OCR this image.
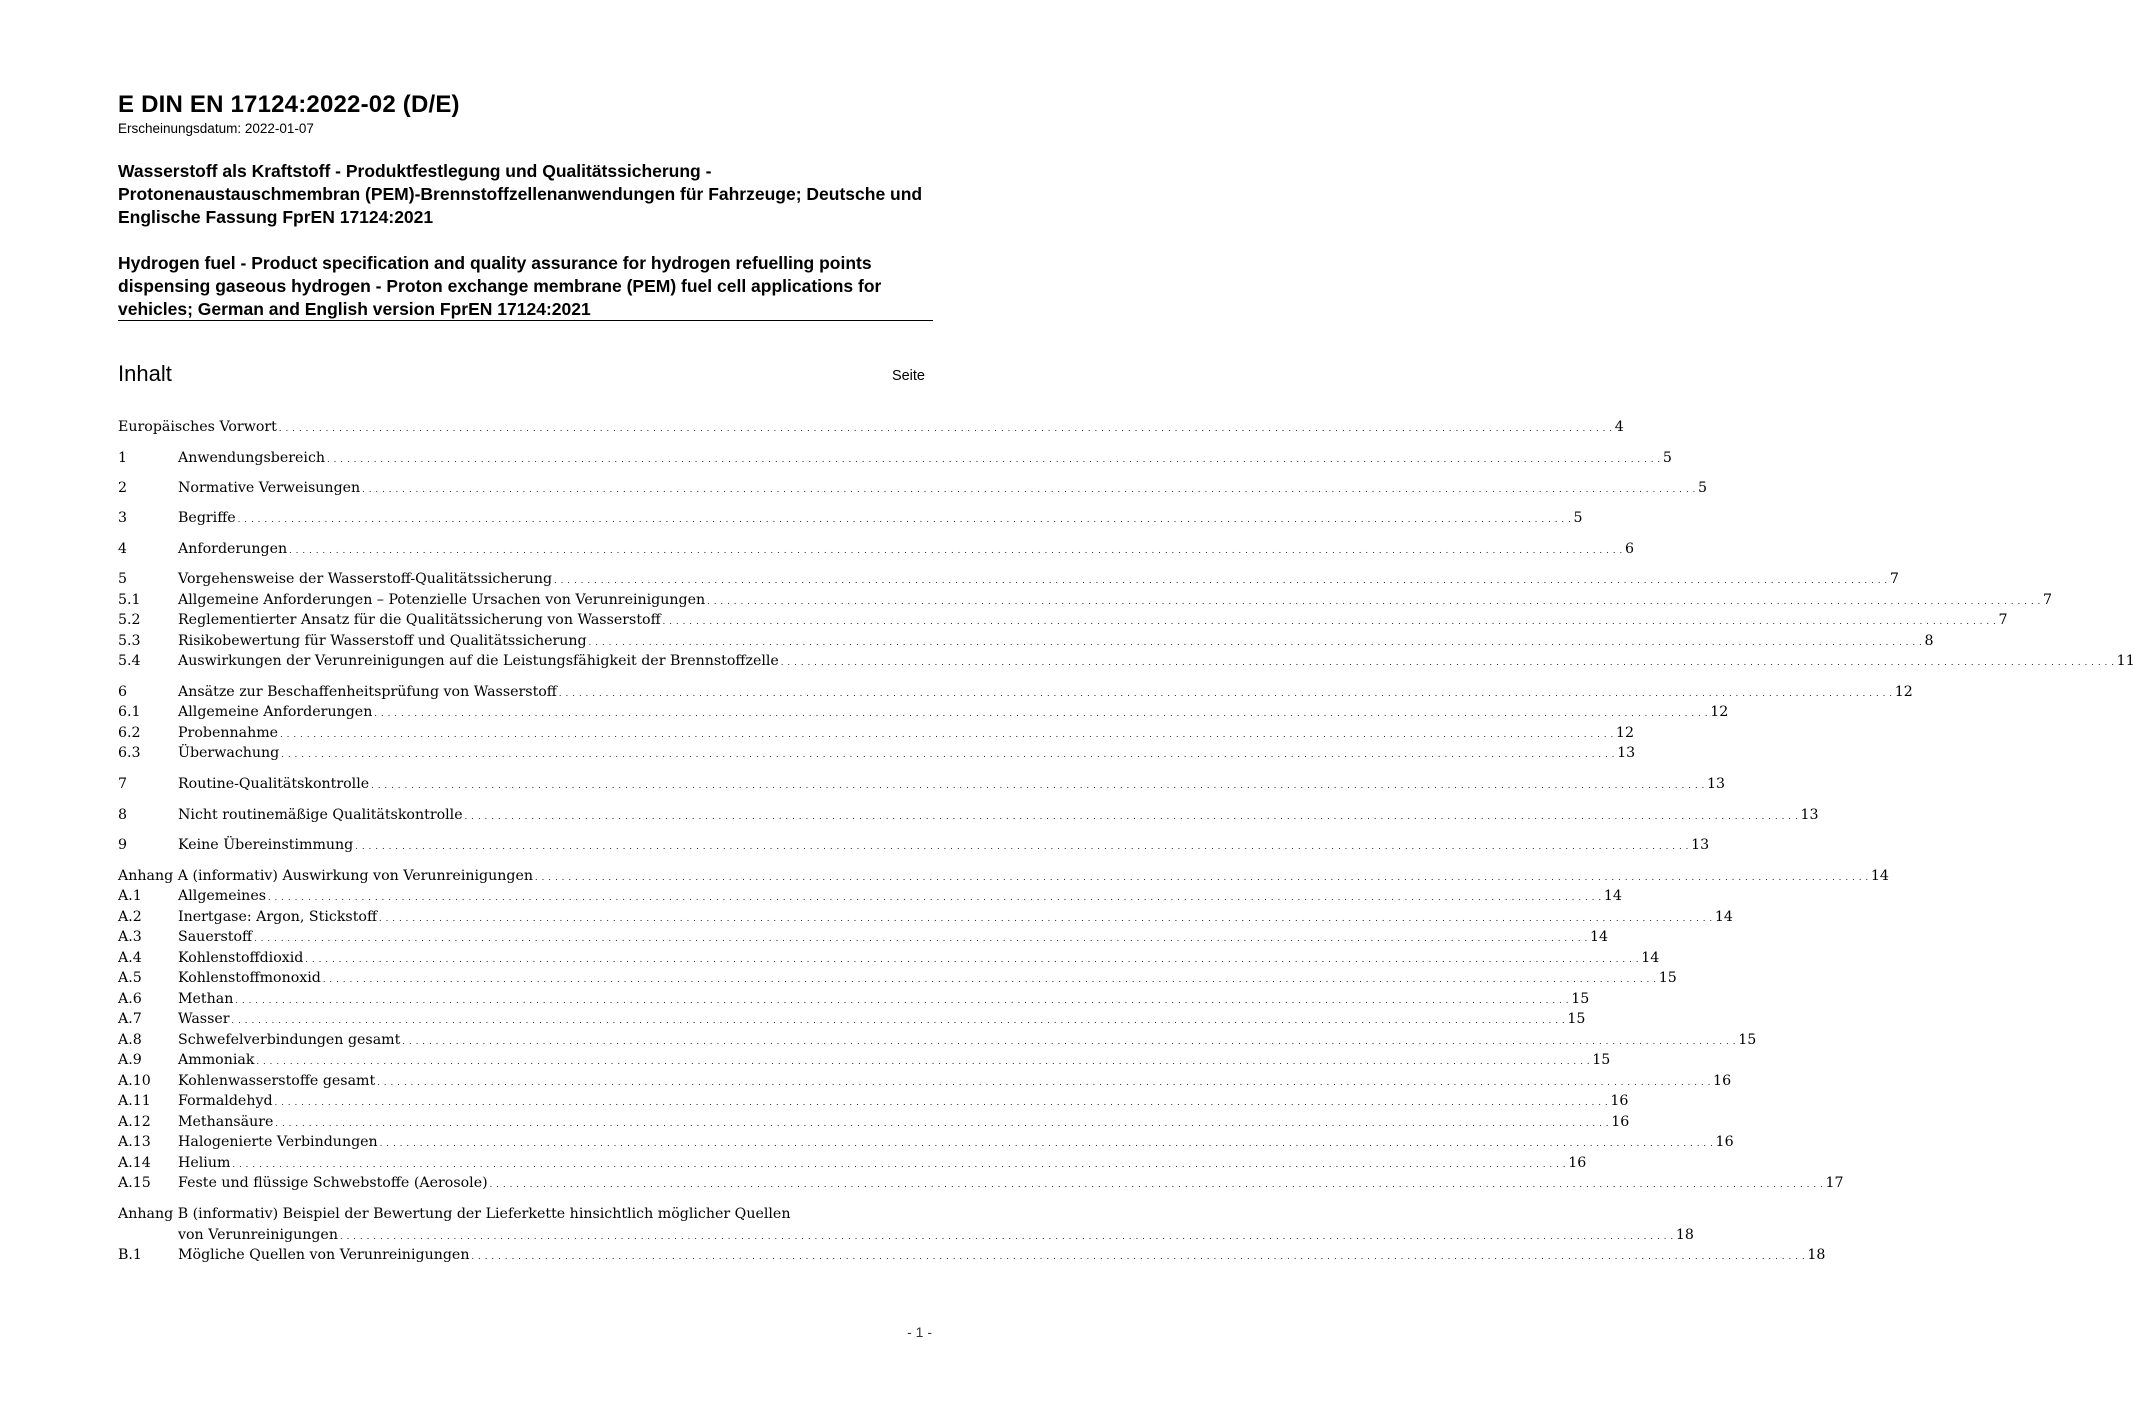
E DIN EN 17124:2022-02 (D/E)
Erscheinungsdatum: 2022-01-07
Wasserstoff als Kraftstoff - Produktfestlegung und Qualitätssicherung - Protonenaustauschmembran (PEM)-Brennstoffzellenanwendungen für Fahrzeuge; Deutsche und Englische Fassung FprEN 17124:2021
Hydrogen fuel - Product specification and quality assurance for hydrogen refuelling points dispensing gaseous hydrogen - Proton exchange membrane (PEM) fuel cell applications for vehicles; German and English version FprEN 17124:2021
Inhalt	Seite
Europäisches Vorwort . . . . . . . . . . . . . . . . . . . . . . . . . . . . . . . . . . . . . . . . . . . . . . . . . . . . . . . . . . . . . . . . . . . . . . . . . . . . . . . . . . . . . . . . . . . . . . . . . . . . . . . . . . . . . . . . . . . . . . . . . . . . . . . . . . . . . . . . . . . . . . . . . . . . . . . . . . . . . . . . . . . . . . . . . . . . . . . . . . . . . . . . . . . . . . . . . . . . . . . . 4
1	Anwendungsbereich . . . . . . . . . . . . . . . . . . . . . . . . . . . . . . . . . . . . . . . . . . . . . . . . . . . . . . . . . . . . . . . . . . . . . . . . . . . . . . . . . . . . . . . . . . . . . . . . . . . . . . . . . . . . . . . . . . . . . . . . . . . . . . . . . . . . . . . . . . . . . . . . . . . . . . . . . . . . . . . . . . . . . . . . . . . . . . . . . . . . . . . . . . . . . . . . . . . . . . . . 5
2	Normative Verweisungen . . . . . . . . . . . . . . . . . . . . . . . . . . . . . . . . . . . . . . . . . . . . . . . . . . . . . . . . . . . . . . . . . . . . . . . . . . . . . . . . . . . . . . . . . . . . . . . . . . . . . . . . . . . . . . . . . . . . . . . . . . . . . . . . . . . . . . . . . . . . . . . . . . . . . . . . . . . . . . . . . . . . . . . . . . . . . . . . . . . . . . . . . . . . . . . . . . . . . . . . 5
3	Begriffe . . . . . . . . . . . . . . . . . . . . . . . . . . . . . . . . . . . . . . . . . . . . . . . . . . . . . . . . . . . . . . . . . . . . . . . . . . . . . . . . . . . . . . . . . . . . . . . . . . . . . . . . . . . . . . . . . . . . . . . . . . . . . . . . . . . . . . . . . . . . . . . . . . . . . . . . . . . . . . . . . . . . . . . . . . . . . . . . . . . . . . . . . . . . . . . . . . . . . . . . 5
4	Anforderungen . . . . . . . . . . . . . . . . . . . . . . . . . . . . . . . . . . . . . . . . . . . . . . . . . . . . . . . . . . . . . . . . . . . . . . . . . . . . . . . . . . . . . . . . . . . . . . . . . . . . . . . . . . . . . . . . . . . . . . . . . . . . . . . . . . . . . . . . . . . . . . . . . . . . . . . . . . . . . . . . . . . . . . . . . . . . . . . . . . . . . . . . . . . . . . . . . . . . . . . . 6
5	Vorgehensweise der Wasserstoff-Qualitätssicherung . . . . . . . . . . . . . . . . . . . . . . . . . . . . . . . . . . . . . . . . . . . . . . . . . . . . . . . . . . . . . . . . . . . . . . . . . . . . . . . . . . . . . . . . . . . . . . . . . . . . . . . . . . . . . . . . . . . . . . . . . . . . . . . . . . . . . . . . . . . . . . . . . . . . . . . . . . . . . . . . . . . . . . . . . . . . . . . . . . . . . . . . . . . . . . . . . . . . . . . . 7
5.1	Allgemeine Anforderungen – Potenzielle Ursachen von Verunreinigungen . . . . . . . . . . . . . . . . . . . . . . . . . . . . . . . . . . . . . . . . . . . . . . . . . . . . . . . . . . . . . . . . . . . . . . . . . . . . . . . . . . . . . . . . . . . . . . . . . . . . . . . . . . . . . . . . . . . . . . . . . . . . . . . . . . . . . . . . . . . . . . . . . . . . . . . . . . . . . . . . . . . . . . . . . . . . . . . . . . . . . . . . . . . . . . . . . . . . . . . . 7
5.2	Reglementierter Ansatz für die Qualitätssicherung von Wasserstoff . . . . . . . . . . . . . . . . . . . . . . . . . . . . . . . . . . . . . . . . . . . . . . . . . . . . . . . . . . . . . . . . . . . . . . . . . . . . . . . . . . . . . . . . . . . . . . . . . . . . . . . . . . . . . . . . . . . . . . . . . . . . . . . . . . . . . . . . . . . . . . . . . . . . . . . . . . . . . . . . . . . . . . . . . . . . . . . . . . . . . . . . . . . . . . . . . . . . . . . . 7
5.3	Risikobewertung für Wasserstoff und Qualitätssicherung . . . . . . . . . . . . . . . . . . . . . . . . . . . . . . . . . . . . . . . . . . . . . . . . . . . . . . . . . . . . . . . . . . . . . . . . . . . . . . . . . . . . . . . . . . . . . . . . . . . . . . . . . . . . . . . . . . . . . . . . . . . . . . . . . . . . . . . . . . . . . . . . . . . . . . . . . . . . . . . . . . . . . . . . . . . . . . . . . . . . . . . . . . . . . . . . . . . . . . . . 8
5.4	Auswirkungen der Verunreinigungen auf die Leistungsfähigkeit der Brennstoffzelle . . . . . . . . . . . . . . . . . . . . . . . . . . . . . . . . . . . . . . . . . . . . . . . . . . . . . . . . . . . . . . . . . . . . . . . . . . . . . . . . . . . . . . . . . . . . . . . . . . . . . . . . . . . . . . . . . . . . . . . . . . . . . . . . . . . . . . . . . . . . . . . . . . . . . . . . . . . . . . . . . . . . . . . . . . . . . . . . . . . . . . . . . . . . . . . . . . . . . . . . 11
6	Ansätze zur Beschaffenheitsprüfung von Wasserstoff . . . . . . . . . . . . . . . . . . . . . . . . . . . . . . . . . . . . . . . . . . . . . . . . . . . . . . . . . . . . . . . . . . . . . . . . . . . . . . . . . . . . . . . . . . . . . . . . . . . . . . . . . . . . . . . . . . . . . . . . . . . . . . . . . . . . . . . . . . . . . . . . . . . . . . . . . . . . . . . . . . . . . . . . . . . . . . . . . . . . . . . . . . . . . . . . . . . . . . . . 12
6.1	Allgemeine Anforderungen . . . . . . . . . . . . . . . . . . . . . . . . . . . . . . . . . . . . . . . . . . . . . . . . . . . . . . . . . . . . . . . . . . . . . . . . . . . . . . . . . . . . . . . . . . . . . . . . . . . . . . . . . . . . . . . . . . . . . . . . . . . . . . . . . . . . . . . . . . . . . . . . . . . . . . . . . . . . . . . . . . . . . . . . . . . . . . . . . . . . . . . . . . . . . . . . . . . . . . . . 12
6.2	Probennahme . . . . . . . . . . . . . . . . . . . . . . . . . . . . . . . . . . . . . . . . . . . . . . . . . . . . . . . . . . . . . . . . . . . . . . . . . . . . . . . . . . . . . . . . . . . . . . . . . . . . . . . . . . . . . . . . . . . . . . . . . . . . . . . . . . . . . . . . . . . . . . . . . . . . . . . . . . . . . . . . . . . . . . . . . . . . . . . . . . . . . . . . . . . . . . . . . . . . . . . . 12
6.3	Überwachung . . . . . . . . . . . . . . . . . . . . . . . . . . . . . . . . . . . . . . . . . . . . . . . . . . . . . . . . . . . . . . . . . . . . . . . . . . . . . . . . . . . . . . . . . . . . . . . . . . . . . . . . . . . . . . . . . . . . . . . . . . . . . . . . . . . . . . . . . . . . . . . . . . . . . . . . . . . . . . . . . . . . . . . . . . . . . . . . . . . . . . . . . . . . . . . . . . . . . . . . 13
7	Routine-Qualitätskontrolle . . . . . . . . . . . . . . . . . . . . . . . . . . . . . . . . . . . . . . . . . . . . . . . . . . . . . . . . . . . . . . . . . . . . . . . . . . . . . . . . . . . . . . . . . . . . . . . . . . . . . . . . . . . . . . . . . . . . . . . . . . . . . . . . . . . . . . . . . . . . . . . . . . . . . . . . . . . . . . . . . . . . . . . . . . . . . . . . . . . . . . . . . . . . . . . . . . . . . . . . 13
8	Nicht routinemäßige Qualitätskontrolle . . . . . . . . . . . . . . . . . . . . . . . . . . . . . . . . . . . . . . . . . . . . . . . . . . . . . . . . . . . . . . . . . . . . . . . . . . . . . . . . . . . . . . . . . . . . . . . . . . . . . . . . . . . . . . . . . . . . . . . . . . . . . . . . . . . . . . . . . . . . . . . . . . . . . . . . . . . . . . . . . . . . . . . . . . . . . . . . . . . . . . . . . . . . . . . . . . . . . . . . 13
9	Keine Übereinstimmung . . . . . . . . . . . . . . . . . . . . . . . . . . . . . . . . . . . . . . . . . . . . . . . . . . . . . . . . . . . . . . . . . . . . . . . . . . . . . . . . . . . . . . . . . . . . . . . . . . . . . . . . . . . . . . . . . . . . . . . . . . . . . . . . . . . . . . . . . . . . . . . . . . . . . . . . . . . . . . . . . . . . . . . . . . . . . . . . . . . . . . . . . . . . . . . . . . . . . . . . 13
Anhang A (informativ) Auswirkung von Verunreinigungen . . . . . . . . . . . . . . . . . . . . . . . . . . . . . . . . . . . . . . . . . . . . . . . . . . . . . . . . . . . . . . . . . . . . . . . . . . . . . . . . . . . . . . . . . . . . . . . . . . . . . . . . . . . . . . . . . . . . . . . . . . . . . . . . . . . . . . . . . . . . . . . . . . . . . . . . . . . . . . . . . . . . . . . . . . . . . . . . . . . . . . . . . . . . . . . . . . . . . . . . 14
A.1	Allgemeines . . . . . . . . . . . . . . . . . . . . . . . . . . . . . . . . . . . . . . . . . . . . . . . . . . . . . . . . . . . . . . . . . . . . . . . . . . . . . . . . . . . . . . . . . . . . . . . . . . . . . . . . . . . . . . . . . . . . . . . . . . . . . . . . . . . . . . . . . . . . . . . . . . . . . . . . . . . . . . . . . . . . . . . . . . . . . . . . . . . . . . . . . . . . . . . . . . . . . . . . 14
A.2	Inertgase: Argon, Stickstoff . . . . . . . . . . . . . . . . . . . . . . . . . . . . . . . . . . . . . . . . . . . . . . . . . . . . . . . . . . . . . . . . . . . . . . . . . . . . . . . . . . . . . . . . . . . . . . . . . . . . . . . . . . . . . . . . . . . . . . . . . . . . . . . . . . . . . . . . . . . . . . . . . . . . . . . . . . . . . . . . . . . . . . . . . . . . . . . . . . . . . . . . . . . . . . . . . . . . . . . . 14
A.3	Sauerstoff . . . . . . . . . . . . . . . . . . . . . . . . . . . . . . . . . . . . . . . . . . . . . . . . . . . . . . . . . . . . . . . . . . . . . . . . . . . . . . . . . . . . . . . . . . . . . . . . . . . . . . . . . . . . . . . . . . . . . . . . . . . . . . . . . . . . . . . . . . . . . . . . . . . . . . . . . . . . . . . . . . . . . . . . . . . . . . . . . . . . . . . . . . . . . . . . . . . . . . . . 14
A.4	Kohlenstoffdioxid . . . . . . . . . . . . . . . . . . . . . . . . . . . . . . . . . . . . . . . . . . . . . . . . . . . . . . . . . . . . . . . . . . . . . . . . . . . . . . . . . . . . . . . . . . . . . . . . . . . . . . . . . . . . . . . . . . . . . . . . . . . . . . . . . . . . . . . . . . . . . . . . . . . . . . . . . . . . . . . . . . . . . . . . . . . . . . . . . . . . . . . . . . . . . . . . . . . . . . . . 14
A.5	Kohlenstoffmonoxid . . . . . . . . . . . . . . . . . . . . . . . . . . . . . . . . . . . . . . . . . . . . . . . . . . . . . . . . . . . . . . . . . . . . . . . . . . . . . . . . . . . . . . . . . . . . . . . . . . . . . . . . . . . . . . . . . . . . . . . . . . . . . . . . . . . . . . . . . . . . . . . . . . . . . . . . . . . . . . . . . . . . . . . . . . . . . . . . . . . . . . . . . . . . . . . . . . . . . . . . 15
A.6	Methan . . . . . . . . . . . . . . . . . . . . . . . . . . . . . . . . . . . . . . . . . . . . . . . . . . . . . . . . . . . . . . . . . . . . . . . . . . . . . . . . . . . . . . . . . . . . . . . . . . . . . . . . . . . . . . . . . . . . . . . . . . . . . . . . . . . . . . . . . . . . . . . . . . . . . . . . . . . . . . . . . . . . . . . . . . . . . . . . . . . . . . . . . . . . . . . . . . . . . . . . 15
A.7	Wasser . . . . . . . . . . . . . . . . . . . . . . . . . . . . . . . . . . . . . . . . . . . . . . . . . . . . . . . . . . . . . . . . . . . . . . . . . . . . . . . . . . . . . . . . . . . . . . . . . . . . . . . . . . . . . . . . . . . . . . . . . . . . . . . . . . . . . . . . . . . . . . . . . . . . . . . . . . . . . . . . . . . . . . . . . . . . . . . . . . . . . . . . . . . . . . . . . . . . . . . . 15
A.8	Schwefelverbindungen gesamt . . . . . . . . . . . . . . . . . . . . . . . . . . . . . . . . . . . . . . . . . . . . . . . . . . . . . . . . . . . . . . . . . . . . . . . . . . . . . . . . . . . . . . . . . . . . . . . . . . . . . . . . . . . . . . . . . . . . . . . . . . . . . . . . . . . . . . . . . . . . . . . . . . . . . . . . . . . . . . . . . . . . . . . . . . . . . . . . . . . . . . . . . . . . . . . . . . . . . . . . 15
A.9	Ammoniak . . . . . . . . . . . . . . . . . . . . . . . . . . . . . . . . . . . . . . . . . . . . . . . . . . . . . . . . . . . . . . . . . . . . . . . . . . . . . . . . . . . . . . . . . . . . . . . . . . . . . . . . . . . . . . . . . . . . . . . . . . . . . . . . . . . . . . . . . . . . . . . . . . . . . . . . . . . . . . . . . . . . . . . . . . . . . . . . . . . . . . . . . . . . . . . . . . . . . . . . 15
A.10	Kohlenwasserstoffe gesamt . . . . . . . . . . . . . . . . . . . . . . . . . . . . . . . . . . . . . . . . . . . . . . . . . . . . . . . . . . . . . . . . . . . . . . . . . . . . . . . . . . . . . . . . . . . . . . . . . . . . . . . . . . . . . . . . . . . . . . . . . . . . . . . . . . . . . . . . . . . . . . . . . . . . . . . . . . . . . . . . . . . . . . . . . . . . . . . . . . . . . . . . . . . . . . . . . . . . . . . . 16
A.11	Formaldehyd . . . . . . . . . . . . . . . . . . . . . . . . . . . . . . . . . . . . . . . . . . . . . . . . . . . . . . . . . . . . . . . . . . . . . . . . . . . . . . . . . . . . . . . . . . . . . . . . . . . . . . . . . . . . . . . . . . . . . . . . . . . . . . . . . . . . . . . . . . . . . . . . . . . . . . . . . . . . . . . . . . . . . . . . . . . . . . . . . . . . . . . . . . . . . . . . . . . . . . . . 16
A.12	Methansäure . . . . . . . . . . . . . . . . . . . . . . . . . . . . . . . . . . . . . . . . . . . . . . . . . . . . . . . . . . . . . . . . . . . . . . . . . . . . . . . . . . . . . . . . . . . . . . . . . . . . . . . . . . . . . . . . . . . . . . . . . . . . . . . . . . . . . . . . . . . . . . . . . . . . . . . . . . . . . . . . . . . . . . . . . . . . . . . . . . . . . . . . . . . . . . . . . . . . . . . . 16
A.13	Halogenierte Verbindungen . . . . . . . . . . . . . . . . . . . . . . . . . . . . . . . . . . . . . . . . . . . . . . . . . . . . . . . . . . . . . . . . . . . . . . . . . . . . . . . . . . . . . . . . . . . . . . . . . . . . . . . . . . . . . . . . . . . . . . . . . . . . . . . . . . . . . . . . . . . . . . . . . . . . . . . . . . . . . . . . . . . . . . . . . . . . . . . . . . . . . . . . . . . . . . . . . . . . . . . . 16
A.14	Helium . . . . . . . . . . . . . . . . . . . . . . . . . . . . . . . . . . . . . . . . . . . . . . . . . . . . . . . . . . . . . . . . . . . . . . . . . . . . . . . . . . . . . . . . . . . . . . . . . . . . . . . . . . . . . . . . . . . . . . . . . . . . . . . . . . . . . . . . . . . . . . . . . . . . . . . . . . . . . . . . . . . . . . . . . . . . . . . . . . . . . . . . . . . . . . . . . . . . . . . . 16
A.15	Feste und flüssige Schwebstoffe (Aerosole) . . . . . . . . . . . . . . . . . . . . . . . . . . . . . . . . . . . . . . . . . . . . . . . . . . . . . . . . . . . . . . . . . . . . . . . . . . . . . . . . . . . . . . . . . . . . . . . . . . . . . . . . . . . . . . . . . . . . . . . . . . . . . . . . . . . . . . . . . . . . . . . . . . . . . . . . . . . . . . . . . . . . . . . . . . . . . . . . . . . . . . . . . . . . . . . . . . . . . . . . 17
Anhang B (informativ) Beispiel der Bewertung der Lieferkette hinsichtlich möglicher Quellen
von Verunreinigungen . . . . . . . . . . . . . . . . . . . . . . . . . . . . . . . . . . . . . . . . . . . . . . . . . . . . . . . . . . . . . . . . . . . . . . . . . . . . . . . . . . . . . . . . . . . . . . . . . . . . . . . . . . . . . . . . . . . . . . . . . . . . . . . . . . . . . . . . . . . . . . . . . . . . . . . . . . . . . . . . . . . . . . . . . . . . . . . . . . . . . . . . . . . . . . . . . . . . . . . . 18
B.1	Mögliche Quellen von Verunreinigungen . . . . . . . . . . . . . . . . . . . . . . . . . . . . . . . . . . . . . . . . . . . . . . . . . . . . . . . . . . . . . . . . . . . . . . . . . . . . . . . . . . . . . . . . . . . . . . . . . . . . . . . . . . . . . . . . . . . . . . . . . . . . . . . . . . . . . . . . . . . . . . . . . . . . . . . . . . . . . . . . . . . . . . . . . . . . . . . . . . . . . . . . . . . . . . . . . . . . . . . . 18
- 1 -
